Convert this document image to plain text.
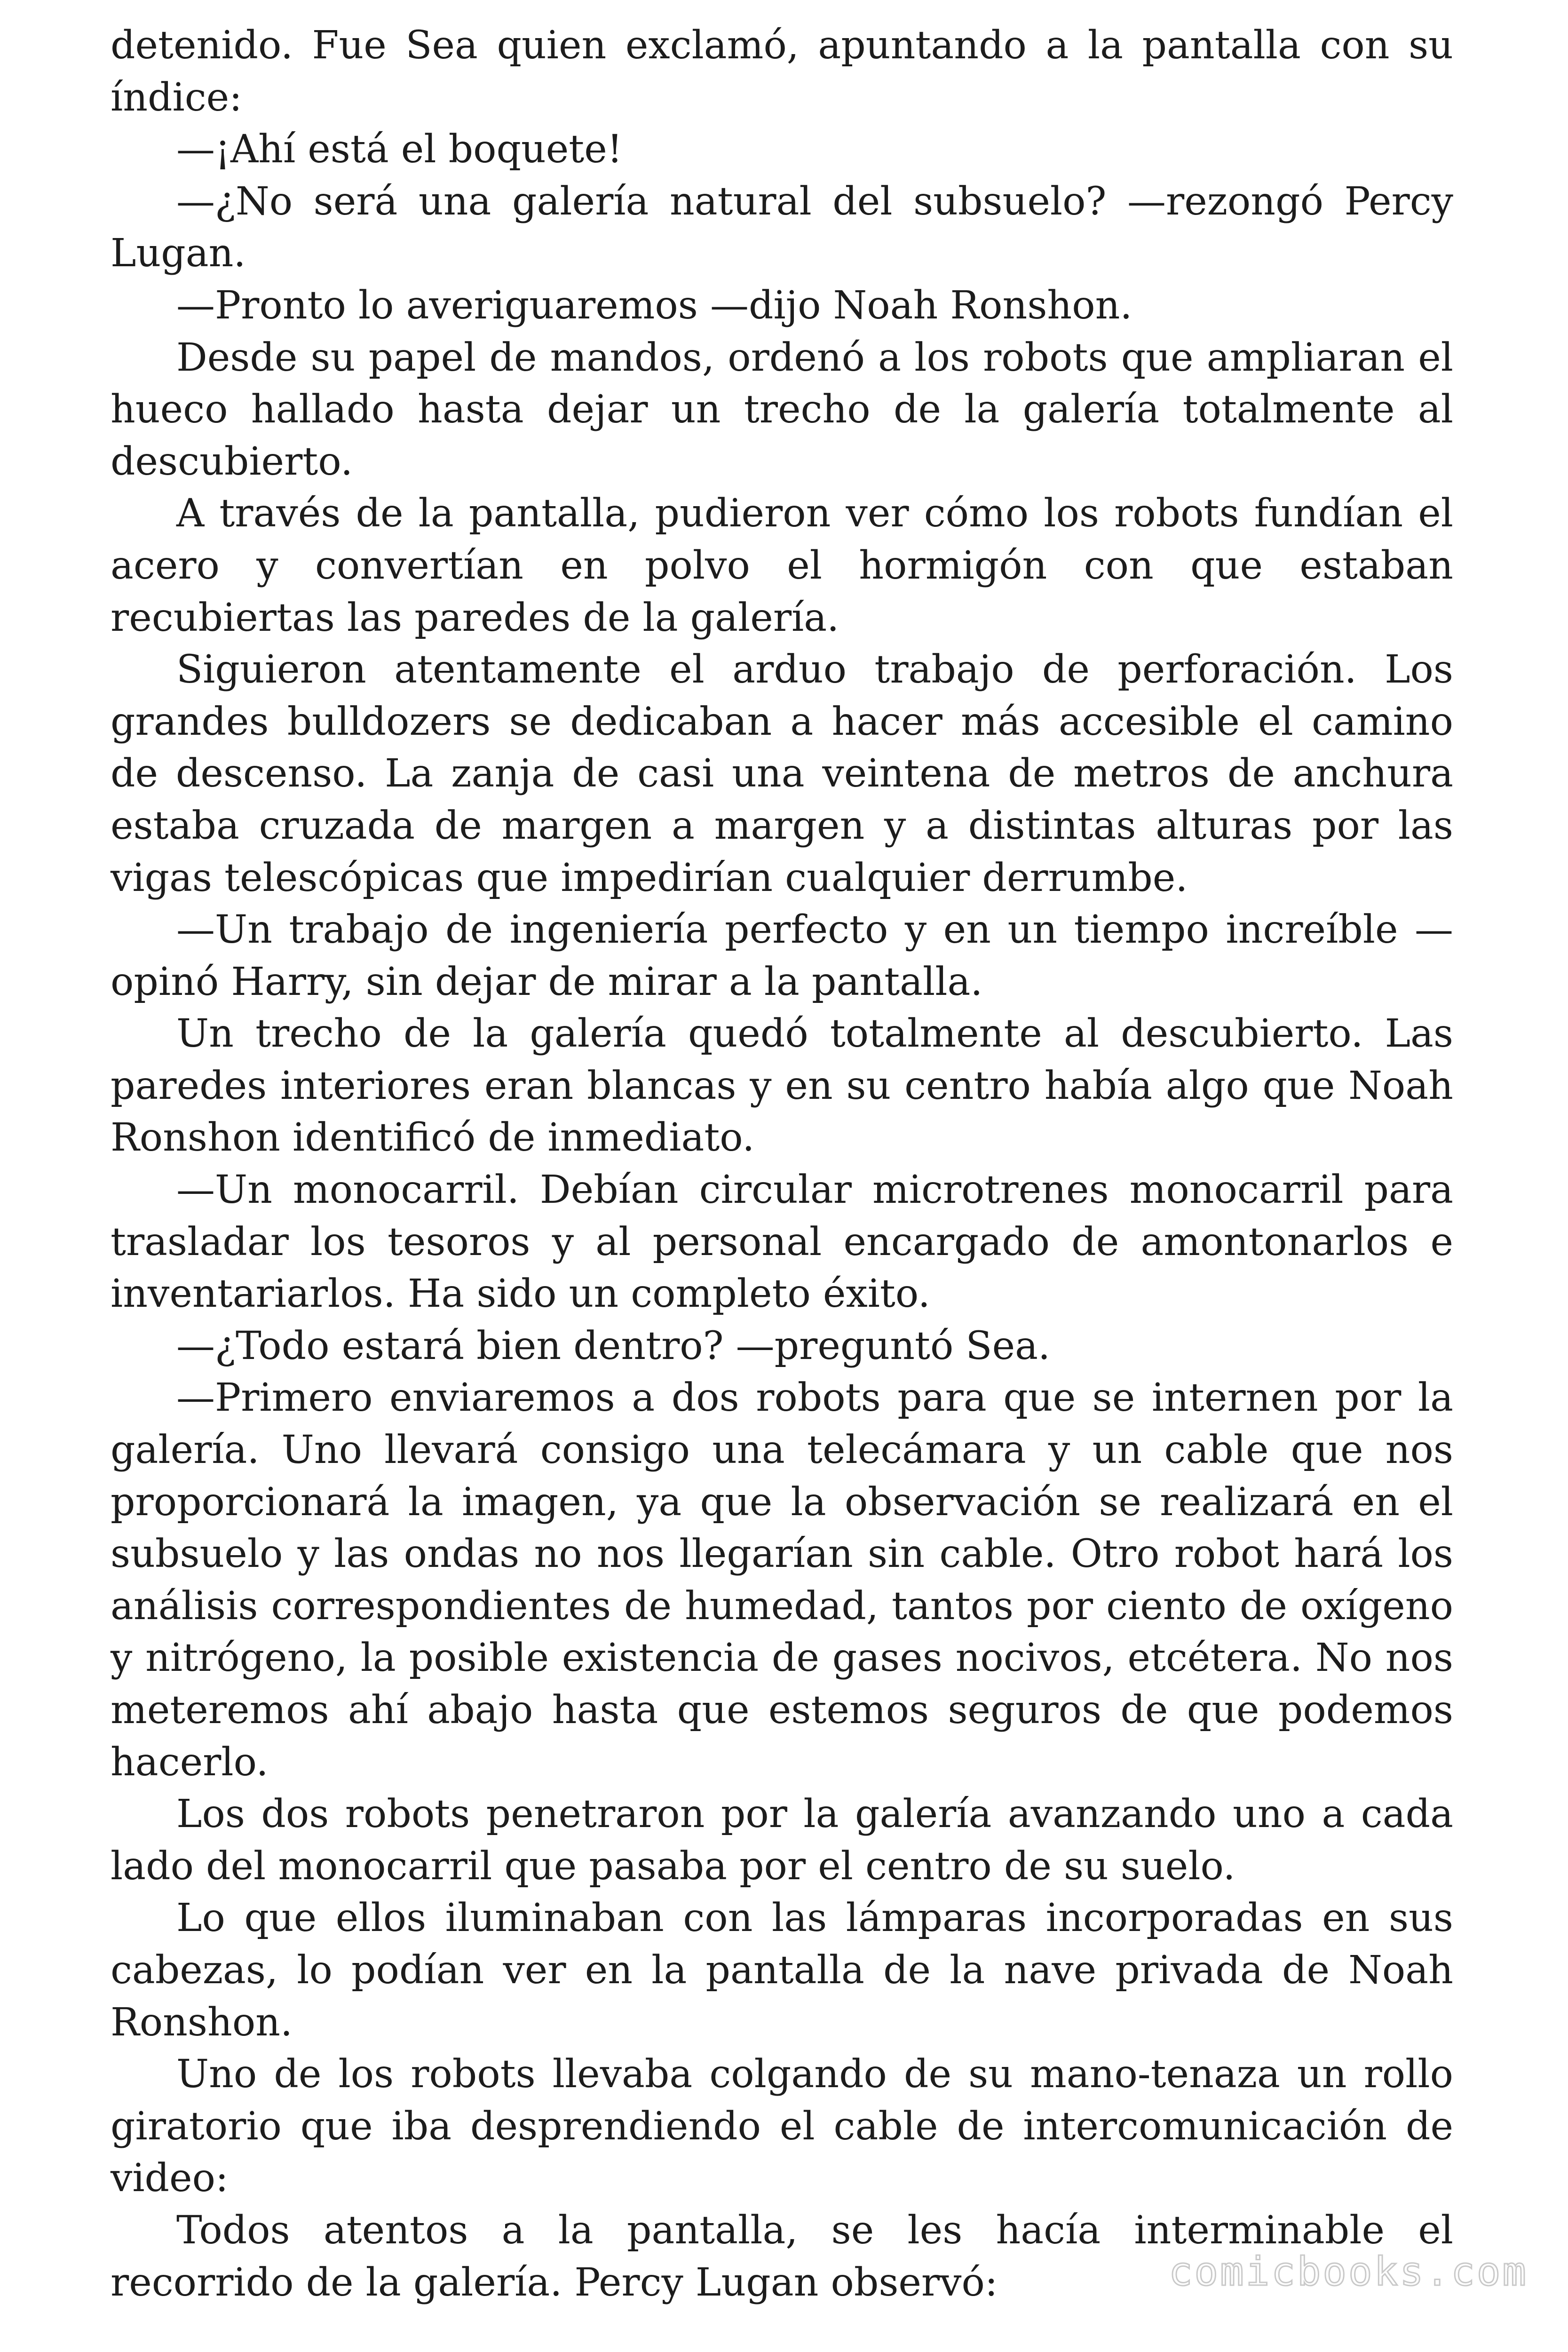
detenido. Fue Sea quien exclamó, apuntando a la pantalla con su índice:

—¡Ahí está el boquete!

—¿No será una galería natural del subsuelo? —rezongó Percy Lugan.

—Pronto lo averiguaremos —dijo Noah Ronshon.

Desde su papel de mandos, ordenó a los robots que ampliaran el hueco hallado hasta dejar un trecho de la galería totalmente al descubierto.

A través de la pantalla, pudieron ver cómo los robots fundían el acero y convertían en polvo el hormigón con que estaban recubiertas las paredes de la galería.

Siguieron atentamente el arduo trabajo de perforación. Los grandes bulldozers se dedicaban a hacer más accesible el camino de descenso. La zanja de casi una veintena de metros de anchura estaba cruzada de margen a margen y a distintas alturas por las vigas telescópicas que impedirían cualquier derrumbe.

—Un trabajo de ingeniería perfecto y en un tiempo increíble —opinó Harry, sin dejar de mirar a la pantalla.

Un trecho de la galería quedó totalmente al descubierto. Las paredes interiores eran blancas y en su centro había algo que Noah Ronshon identificó de inmediato.

—Un monocarril. Debían circular microtrenes monocarril para trasladar los tesoros y al personal encargado de amontonarlos e inventariarlos. Ha sido un completo éxito.

—¿Todo estará bien dentro? —preguntó Sea.

—Primero enviaremos a dos robots para que se internen por la galería. Uno llevará consigo una telecámara y un cable que nos proporcionará la imagen, ya que la observación se realizará en el subsuelo y las ondas no nos llegarían sin cable. Otro robot hará los análisis correspondientes de humedad, tantos por ciento de oxígeno y nitrógeno, la posible existencia de gases nocivos, etcétera. No nos meteremos ahí abajo hasta que estemos seguros de que podemos hacerlo.

Los dos robots penetraron por la galería avanzando uno a cada lado del monocarril que pasaba por el centro de su suelo.

Lo que ellos iluminaban con las lámparas incorporadas en sus cabezas, lo podían ver en la pantalla de la nave privada de Noah Ronshon.

Uno de los robots llevaba colgando de su mano-tenaza un rollo giratorio que iba desprendiendo el cable de intercomunicación de video:

Todos atentos a la pantalla, se les hacía interminable el recorrido de la galería. Percy Lugan observó:	comicbooks.com
